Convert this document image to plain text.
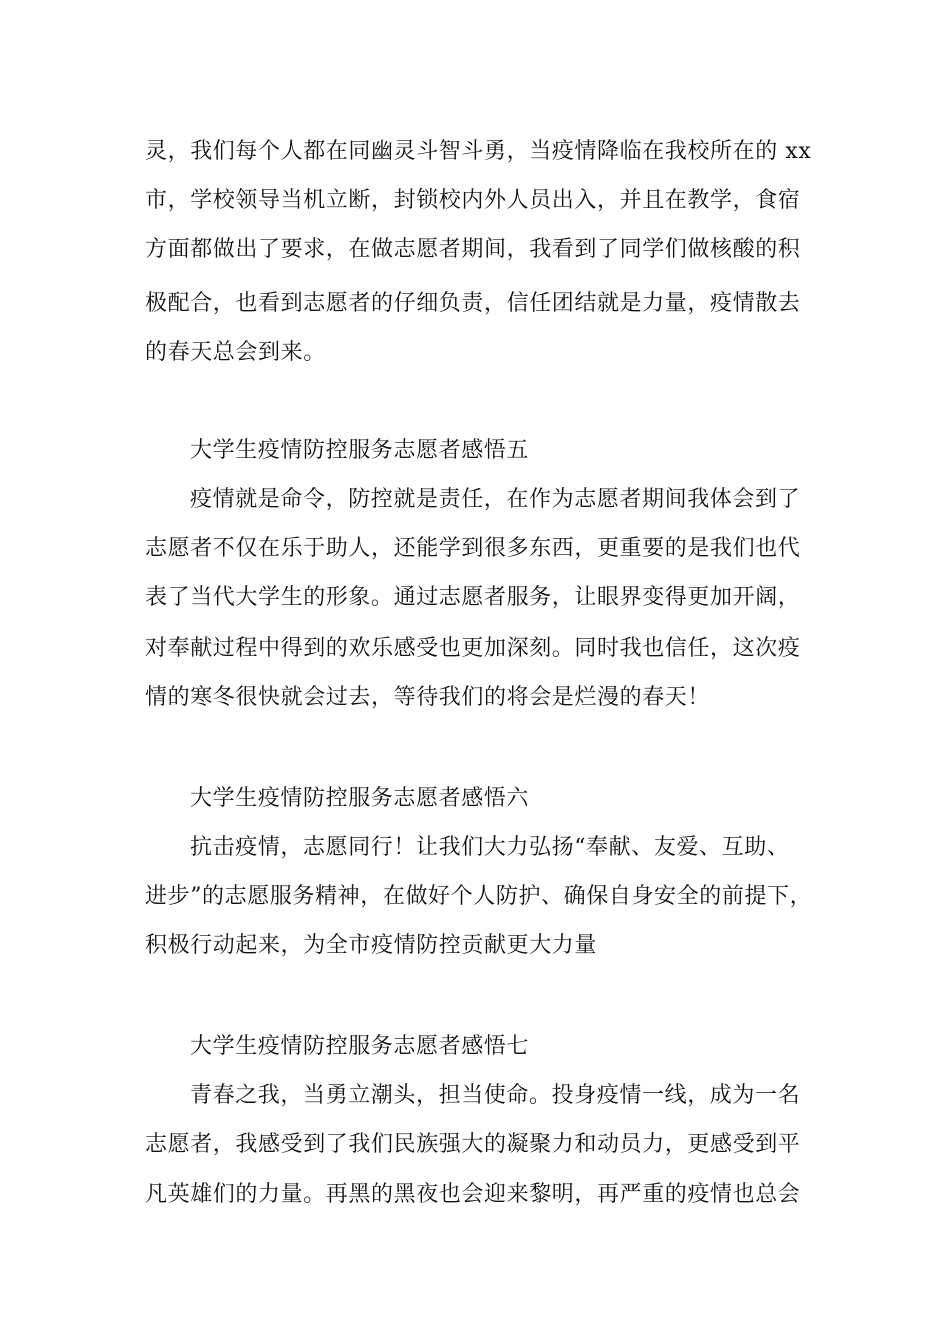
灵，我们每个人都在同幽灵斗智斗勇，当疫情降临在我校所在的 xx
市，学校领导当机立断，封锁校内外人员出入，并且在教学，食宿
方面都做出了要求，在做志愿者期间，我看到了同学们做核酸的积
极配合，也看到志愿者的仔细负责，信任团结就是力量，疫情散去
的春天总会到来。
大学生疫情防控服务志愿者感悟五
疫情就是命令，防控就是责任，在作为志愿者期间我体会到了
志愿者不仅在乐于助人，还能学到很多东西，更重要的是我们也代
表了当代大学生的形象。通过志愿者服务，让眼界变得更加开阔，
对奉献过程中得到的欢乐感受也更加深刻。同时我也信任，这次疫
情的寒冬很快就会过去，等待我们的将会是烂漫的春天！
大学生疫情防控服务志愿者感悟六
抗击疫情，志愿同行！让我们大力弘扬“奉献、友爱、互助、
进步”的志愿服务精神，在做好个人防护、确保自身安全的前提下，
积极行动起来，为全市疫情防控贡献更大力量
大学生疫情防控服务志愿者感悟七
青春之我，当勇立潮头，担当使命。投身疫情一线，成为一名
志愿者，我感受到了我们民族强大的凝聚力和动员力，更感受到平
凡英雄们的力量。再黑的黑夜也会迎来黎明，再严重的疫情也总会
